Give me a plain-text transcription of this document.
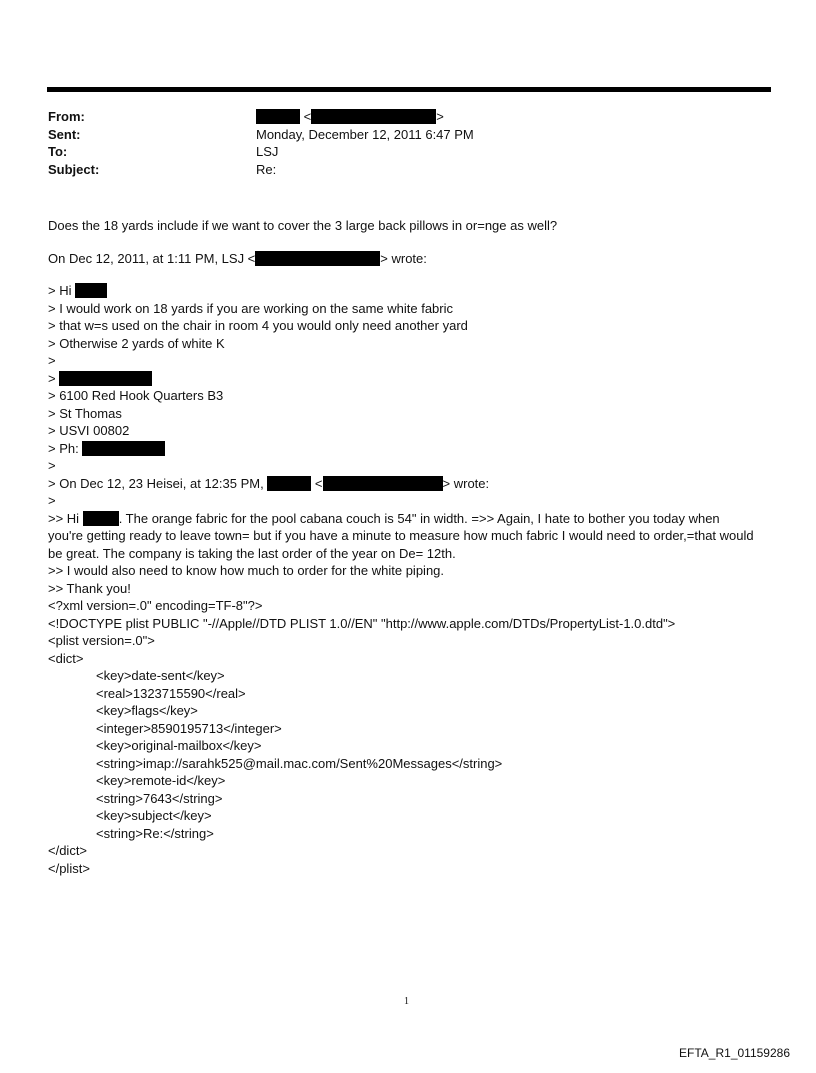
From:	<	>
Sent:	Monday, December 12, 2011 6:47 PM
To:	LSJ
Subject:	Re:
Does the 18 yards include if we want to cover the 3 large back pillows in or=nge as well?
On Dec 12, 2011, at 1:11 PM, LSJ <	> wrote:
> Hi
> I would work on 18 yards if you are working on the same white fabric
> that w=s used on the chair in room 4 you would only need another yard
> Otherwise 2 yards of white K
>
>
> 6100 Red Hook Quarters B3
> St Thomas
> USVI 00802
> Ph:
>
> On Dec 12, 23 Heisei, at 12:35 PM,	<	> wrote:
>
>> Hi	. The orange fabric for the pool cabana couch is 54" in width. =>> Again, I hate to bother you today when you're getting ready to leave town= but if you have a minute to measure how much fabric I would need to order,=that would be great. The company is taking the last order of the year on De= 12th.
>> I would also need to know how much to order for the white piping.
>> Thank you!
<?xml version=.0" encoding=TF-8"?>
<!DOCTYPE plist PUBLIC "-//Apple//DTD PLIST 1.0//EN" "http://www.apple.com/DTDs/PropertyList-1.0.dtd">
<plist version=.0">
<dict>
<key>date-sent</key>
<real>1323715590</real>
<key>flags</key>
<integer>8590195713</integer>
<key>original-mailbox</key>
<string>imap://sarahk525@mail.mac.com/Sent%20Messages</string>
<key>remote-id</key>
<string>7643</string>
<key>subject</key>
<string>Re:</string>
</dict>
</plist>
1
EFTA_R1_01159286
